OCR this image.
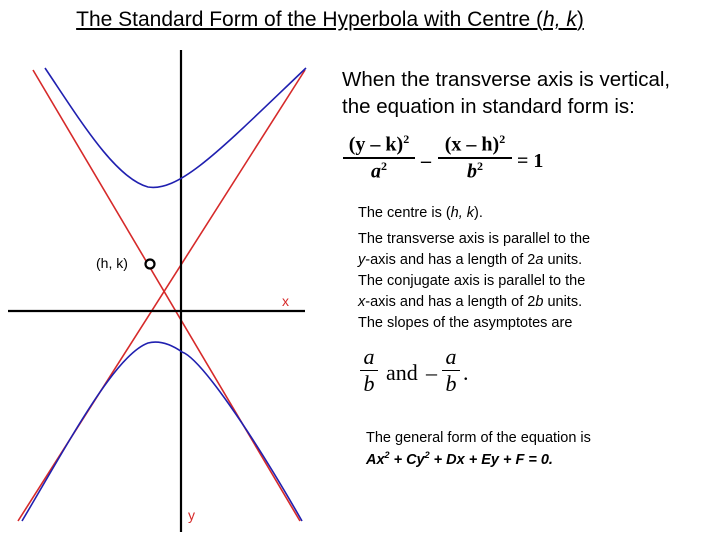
The Standard Form of the Hyperbola with Centre (h, k)
(h, k)
x
y
When the transverse axis is vertical,
the equation in standard form is:
(y – k)$^2$
$a^2$	–
(x – h)$^2$
$b^2$	= 1
The centre is (h, k).
The transverse axis is parallel to the
y-axis and has a length of 2a units.
The conjugate axis is parallel to the
x-axis and has a length of 2b units.
The slopes of the asymptotes are
a
b and –
a
b .
The general form of the equation is
$Ax^2 + Cy^2 + Dx + Ey + F = 0$.
